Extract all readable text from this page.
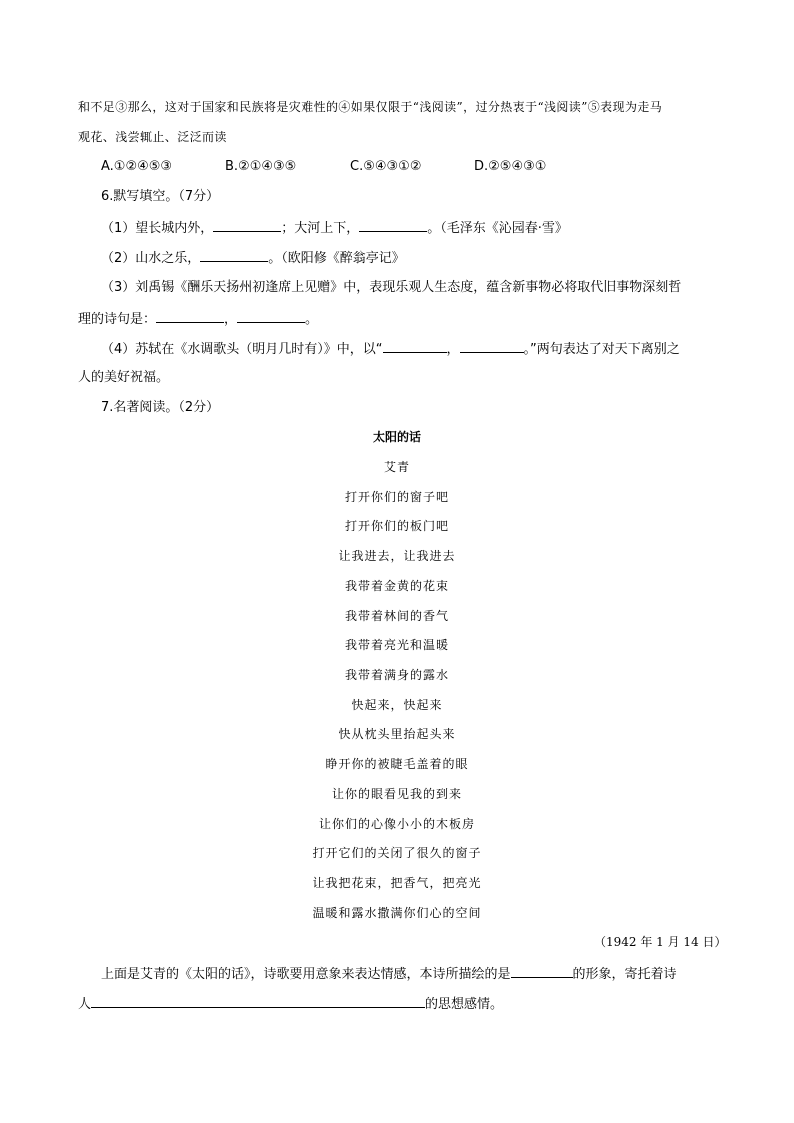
和不足③那么，这对于国家和民族将是灾难性的④如果仅限于“浅阅读”，过分热衷于“浅阅读”⑤表现为走马
观花、浅尝辄止、泛泛而读
A.①②④⑤③	B.②①④③⑤	C.⑤④③①②	D.②⑤④③①
6.默写填空。（7分）
（1）望长城内外，	；大河上下，	。（毛泽东《沁园春·雪》
（2）山水之乐，	。（欧阳修《醉翁亭记》
（3）刘禹锡《酬乐天扬州初逢席上见赠》中，表现乐观人生态度，蕴含新事物必将取代旧事物深刻哲
理的诗句是：	，	。
（4）苏轼在《水调歌头（明月几时有）》中，以“	，	。”两句表达了对天下离别之
人的美好祝福。
7.名著阅读。（2分）
太阳的话
艾青
打开你们的窗子吧
打开你们的板门吧
让我进去，让我进去
我带着金黄的花束
我带着林间的香气
我带着亮光和温暖
我带着满身的露水
快起来，快起来
快从枕头里抬起头来
睁开你的被睫毛盖着的眼
让你的眼看见我的到来
让你们的心像小小的木板房
打开它们的关闭了很久的窗子
让我把花束，把香气，把亮光
温暖和露水撒满你们心的空间
（1942 年 1 月 14 日）
上面是艾青的《太阳的话》，诗歌要用意象来表达情感，本诗所描绘的是	的形象，寄托着诗
人	的思想感情。
